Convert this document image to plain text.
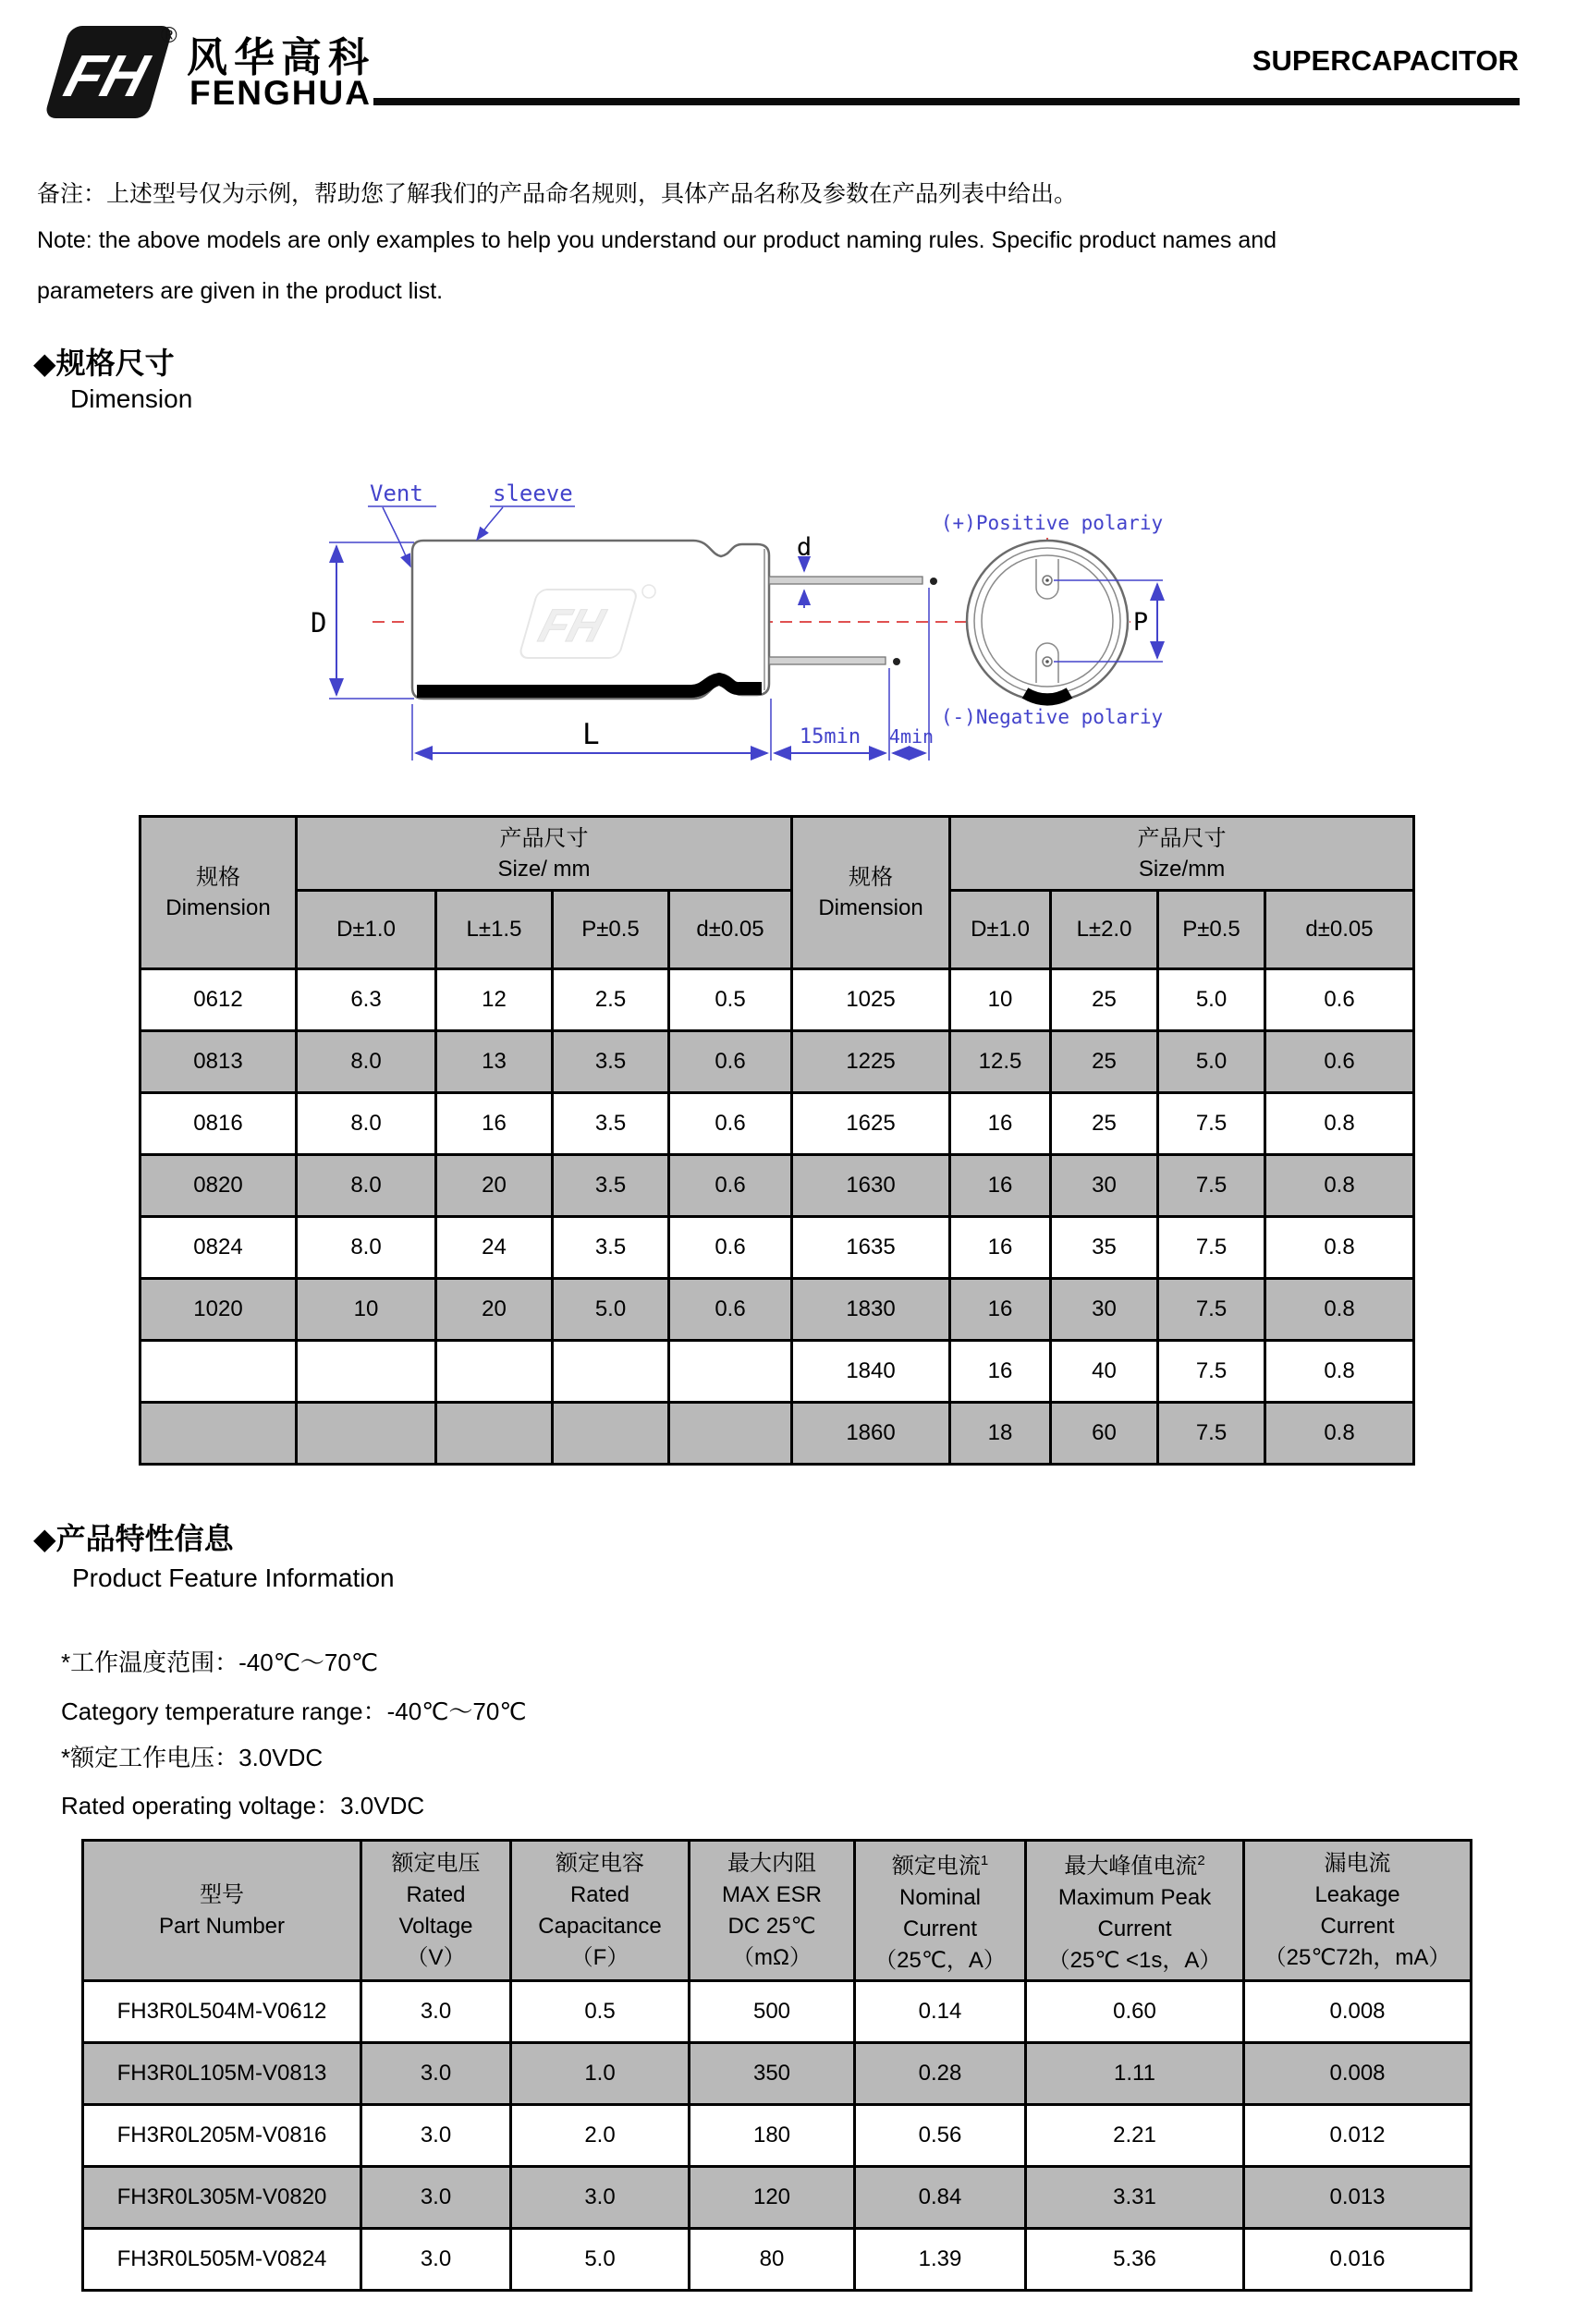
FH
® 风华高科
FENGHUA
SUPERCAPACITOR
备注：上述型号仅为示例，帮助您了解我们的产品命名规则，具体产品名称及参数在产品列表中给出。
Note: the above models are only examples to help you understand our product naming rules. Specific product names and
parameters are given in the product list.
◆规格尺寸
Dimension
FH
D
L	15min 4min
d
Vent	sleeve
P
(+)Positive polariy
(-)Negative polariy
规格
Dimension

产品尺寸
Size/ mm	规格
Dimension

产品尺寸
Size/mm

	D±1.0	L±1.5	P±0.5	d±0.05		D±1.0	L±2.0	P±0.5	d±0.05
0612	6.3	12	2.5	0.5	1025	10	25	5.0	0.6
0813	8.0	13	3.5	0.6	1225	12.5	25	5.0	0.6
0816	8.0	16	3.5	0.6	1625	16	25	7.5	0.8
0820	8.0	20	3.5	0.6	1630	16	30	7.5	0.8
0824	8.0	24	3.5	0.6	1635	16	35	7.5	0.8
1020	10	20	5.0	0.6	1830	16	30	7.5	0.8
					1840	16	40	7.5	0.8
					1860	18	60	7.5	0.8
◆产品特性信息
Product Feature Information
*工作温度范围：-40℃～70℃
Category temperature range：-40℃～70℃
*额定工作电压：3.0VDC
Rated operating voltage：3.0VDC
型号
Part Number

额定电压
Rated
Voltage
（V）

额定电容
Rated
Capacitance
（F）

最大内阻
MAX ESR
DC 25℃
（mΩ）

额定电流$^1$
Nominal
Current
（25℃，A）

最大峰值电流$^2$
Maximum Peak
Current
（25℃ <1s，A）

漏电流
Leakage
Current
（25℃72h，mA）

FH3R0L504M-V0612	3.0	0.5	500	0.14	0.60	0.008
FH3R0L105M-V0813	3.0	1.0	350	0.28	1.11	0.008
FH3R0L205M-V0816	3.0	2.0	180	0.56	2.21	0.012
FH3R0L305M-V0820	3.0	3.0	120	0.84	3.31	0.013
FH3R0L505M-V0824	3.0	5.0	80	1.39	5.36	0.016
